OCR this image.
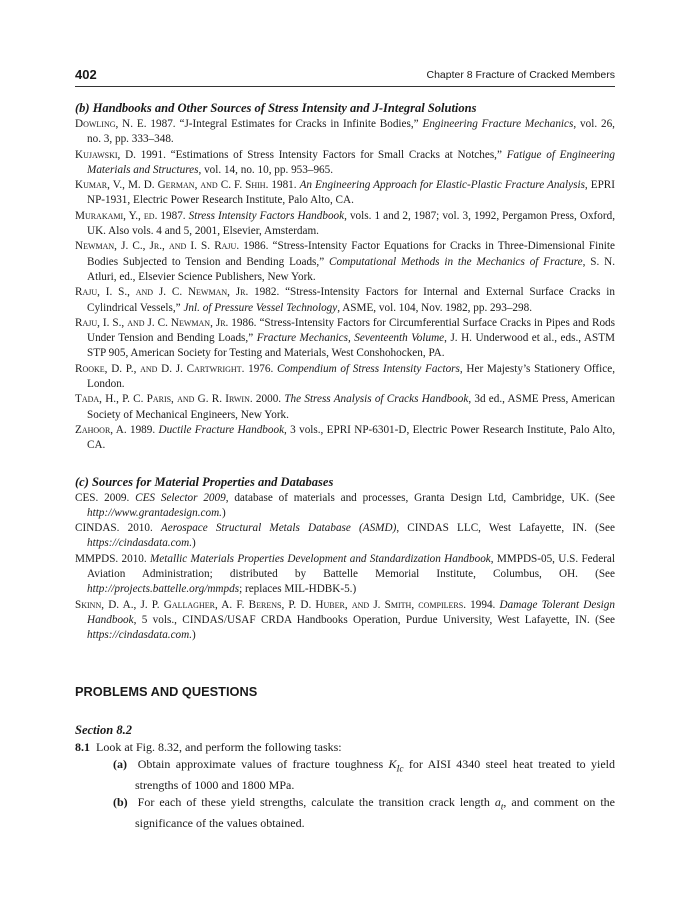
402	Chapter 8 Fracture of Cracked Members

(b) Handbooks and Other Sources of Stress Intensity and J-Integral Solutions

Dowling, N. E. 1987. “J-Integral Estimates for Cracks in Infinite Bodies,” Engineering Fracture Mechanics, vol. 26, no. 3, pp. 333–348.

Kujawski, D. 1991. “Estimations of Stress Intensity Factors for Small Cracks at Notches,” Fatigue of Engineering Materials and Structures, vol. 14, no. 10, pp. 953–965.

Kumar, V., M. D. German, and C. F. Shih. 1981. An Engineering Approach for Elastic-Plastic Fracture Analysis, EPRI NP-1931, Electric Power Research Institute, Palo Alto, CA.

Murakami, Y., ed. 1987. Stress Intensity Factors Handbook, vols. 1 and 2, 1987; vol. 3, 1992, Pergamon Press, Oxford, UK. Also vols. 4 and 5, 2001, Elsevier, Amsterdam.

Newman, J. C., Jr., and I. S. Raju. 1986. “Stress-Intensity Factor Equations for Cracks in Three-Dimensional Finite Bodies Subjected to Tension and Bending Loads,” Computational Methods in the Mechanics of Fracture, S. N. Atluri, ed., Elsevier Science Publishers, New York.

Raju, I. S., and J. C. Newman, Jr. 1982. “Stress-Intensity Factors for Internal and External Surface Cracks in Cylindrical Vessels,” Jnl. of Pressure Vessel Technology, ASME, vol. 104, Nov. 1982, pp. 293–298.

Raju, I. S., and J. C. Newman, Jr. 1986. “Stress-Intensity Factors for Circumferential Surface Cracks in Pipes and Rods Under Tension and Bending Loads,” Fracture Mechanics, Seventeenth Volume, J. H. Underwood et al., eds., ASTM STP 905, American Society for Testing and Materials, West Conshohocken, PA.

Rooke, D. P., and D. J. Cartwright. 1976. Compendium of Stress Intensity Factors, Her Majesty’s Stationery Office, London.

Tada, H., P. C. Paris, and G. R. Irwin. 2000. The Stress Analysis of Cracks Handbook, 3d ed., ASME Press, American Society of Mechanical Engineers, New York.

Zahoor, A. 1989. Ductile Fracture Handbook, 3 vols., EPRI NP-6301-D, Electric Power Research Institute, Palo Alto, CA.

(c) Sources for Material Properties and Databases

CES. 2009. CES Selector 2009, database of materials and processes, Granta Design Ltd, Cambridge, UK. (See http://www.grantadesign.com.)

CINDAS. 2010. Aerospace Structural Metals Database (ASMD), CINDAS LLC, West Lafayette, IN. (See https://cindasdata.com.)

MMPDS. 2010. Metallic Materials Properties Development and Standardization Handbook, MMPDS-05, U.S. Federal Aviation Administration; distributed by Battelle Memorial Institute, Columbus, OH. (See http://projects.battelle.org/mmpds; replaces MIL-HDBK-5.)

Skinn, D. A., J. P. Gallagher, A. F. Berens, P. D. Huber, and J. Smith, compilers. 1994. Damage Tolerant Design Handbook, 5 vols., CINDAS/USAF CRDA Handbooks Operation, Purdue University, West Lafayette, IN. (See https://cindasdata.com.)

PROBLEMS AND QUESTIONS

Section 8.2

8.1 Look at Fig. 8.32, and perform the following tasks:

(a) Obtain approximate values of fracture toughness $K_{Ic}$ for AISI 4340 steel heat treated to yield strengths of 1000 and 1800 MPa.

(b) For each of these yield strengths, calculate the transition crack length $a_t$, and comment on the significance of the values obtained.
